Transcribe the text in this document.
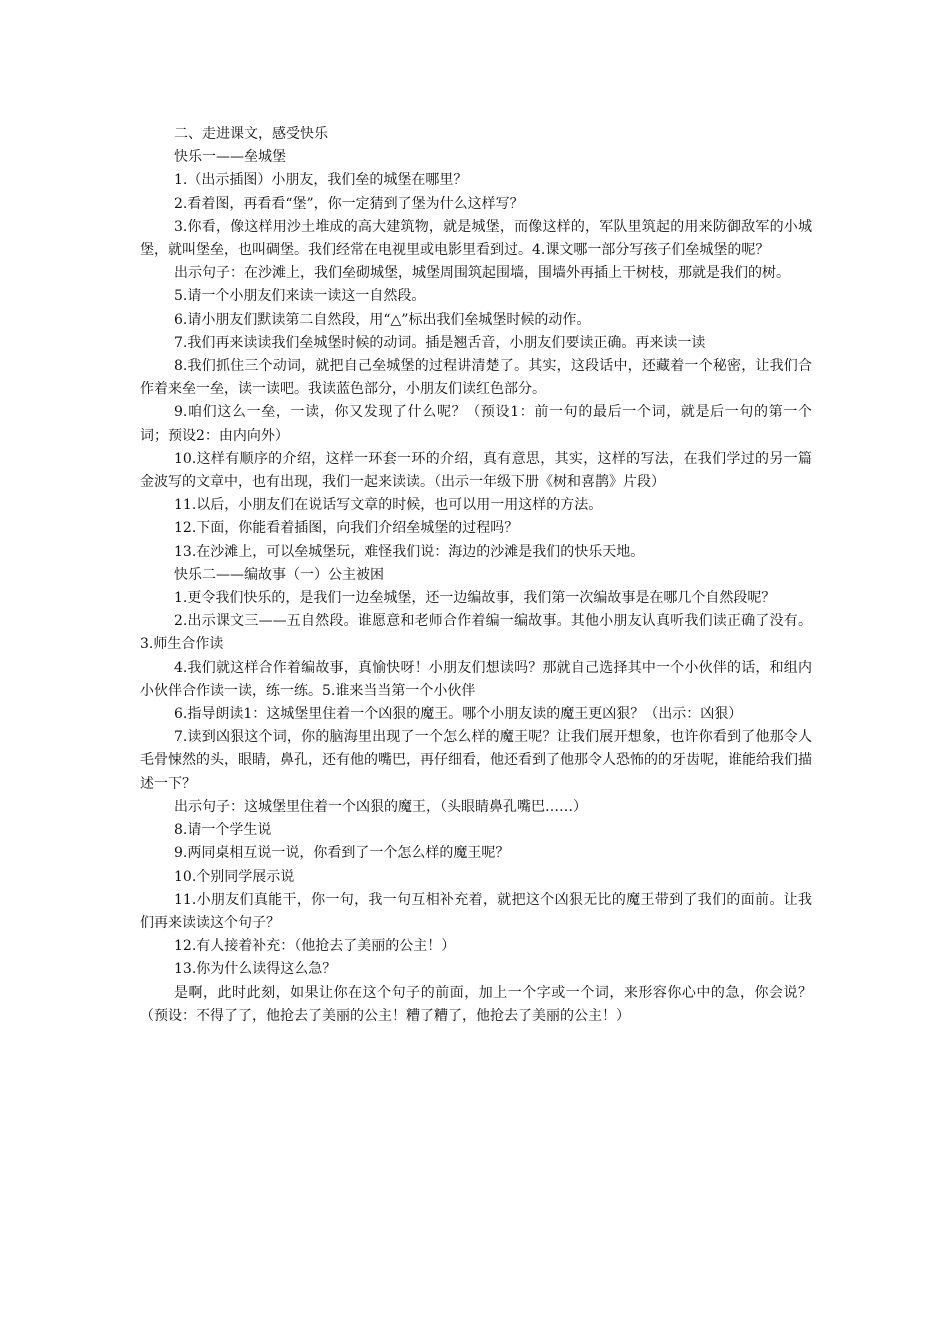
二、走进课文，感受快乐

快乐一——垒城堡

1.（出示插图）小朋友，我们垒的城堡在哪里？

2.看着图，再看看“堡”，你一定猜到了堡为什么这样写？

3.你看，像这样用沙土堆成的高大建筑物，就是城堡，而像这样的，军队里筑起的用来防御敌军的小城堡，就叫堡垒，也叫碉堡。我们经常在电视里或电影里看到过。4.课文哪一部分写孩子们垒城堡的呢？

出示句子：在沙滩上，我们垒砌城堡，城堡周围筑起围墙，围墙外再插上干树枝，那就是我们的树。

5.请一个小朋友们来读一读这一自然段。

6.请小朋友们默读第二自然段，用“△”标出我们垒城堡时候的动作。

7.我们再来读读我们垒城堡时候的动词。插是翘舌音，小朋友们要读正确。再来读一读

8.我们抓住三个动词，就把自己垒城堡的过程讲清楚了。其实，这段话中，还藏着一个秘密，让我们合作着来垒一垒，读一读吧。我读蓝色部分，小朋友们读红色部分。

9.咱们这么一垒，一读，你又发现了什么呢？（预设1：前一句的最后一个词，就是后一句的第一个词；预设2：由内向外）

10.这样有顺序的介绍，这样一环套一环的介绍，真有意思，其实，这样的写法，在我们学过的另一篇金波写的文章中，也有出现，我们一起来读读。（出示一年级下册《树和喜鹊》片段）

11.以后，小朋友们在说话写文章的时候，也可以用一用这样的方法。

12.下面，你能看着插图，向我们介绍垒城堡的过程吗？

13.在沙滩上，可以垒城堡玩，难怪我们说：海边的沙滩是我们的快乐天地。

快乐二——编故事（一）公主被困

1.更令我们快乐的，是我们一边垒城堡，还一边编故事，我们第一次编故事是在哪几个自然段呢？

2.出示课文三——五自然段。谁愿意和老师合作着编一编故事。其他小朋友认真听我们读正确了没有。3.师生合作读

4.我们就这样合作着编故事，真愉快呀！小朋友们想读吗？那就自己选择其中一个小伙伴的话，和组内小伙伴合作读一读，练一练。5.谁来当当第一个小伙伴

6.指导朗读1：这城堡里住着一个凶狠的魔王。哪个小朋友读的魔王更凶狠？（出示：凶狠）

7.读到凶狠这个词，你的脑海里出现了一个怎么样的魔王呢？让我们展开想象，也许你看到了他那令人毛骨悚然的头，眼睛，鼻孔，还有他的嘴巴，再仔细看，他还看到了他那令人恐怖的的牙齿呢，谁能给我们描述一下？

出示句子：这城堡里住着一个凶狠的魔王，（头眼睛鼻孔嘴巴……）

8.请一个学生说

9.两同桌相互说一说，你看到了一个怎么样的魔王呢？

10.个别同学展示说

11.小朋友们真能干，你一句，我一句互相补充着，就把这个凶狠无比的魔王带到了我们的面前。让我们再来读读这个句子？

12.有人接着补充：（他抢去了美丽的公主！）

13.你为什么读得这么急？

是啊，此时此刻，如果让你在这个句子的前面，加上一个字或一个词，来形容你心中的急，你会说？（预设：不得了了，他抢去了美丽的公主！糟了糟了，他抢去了美丽的公主！）
